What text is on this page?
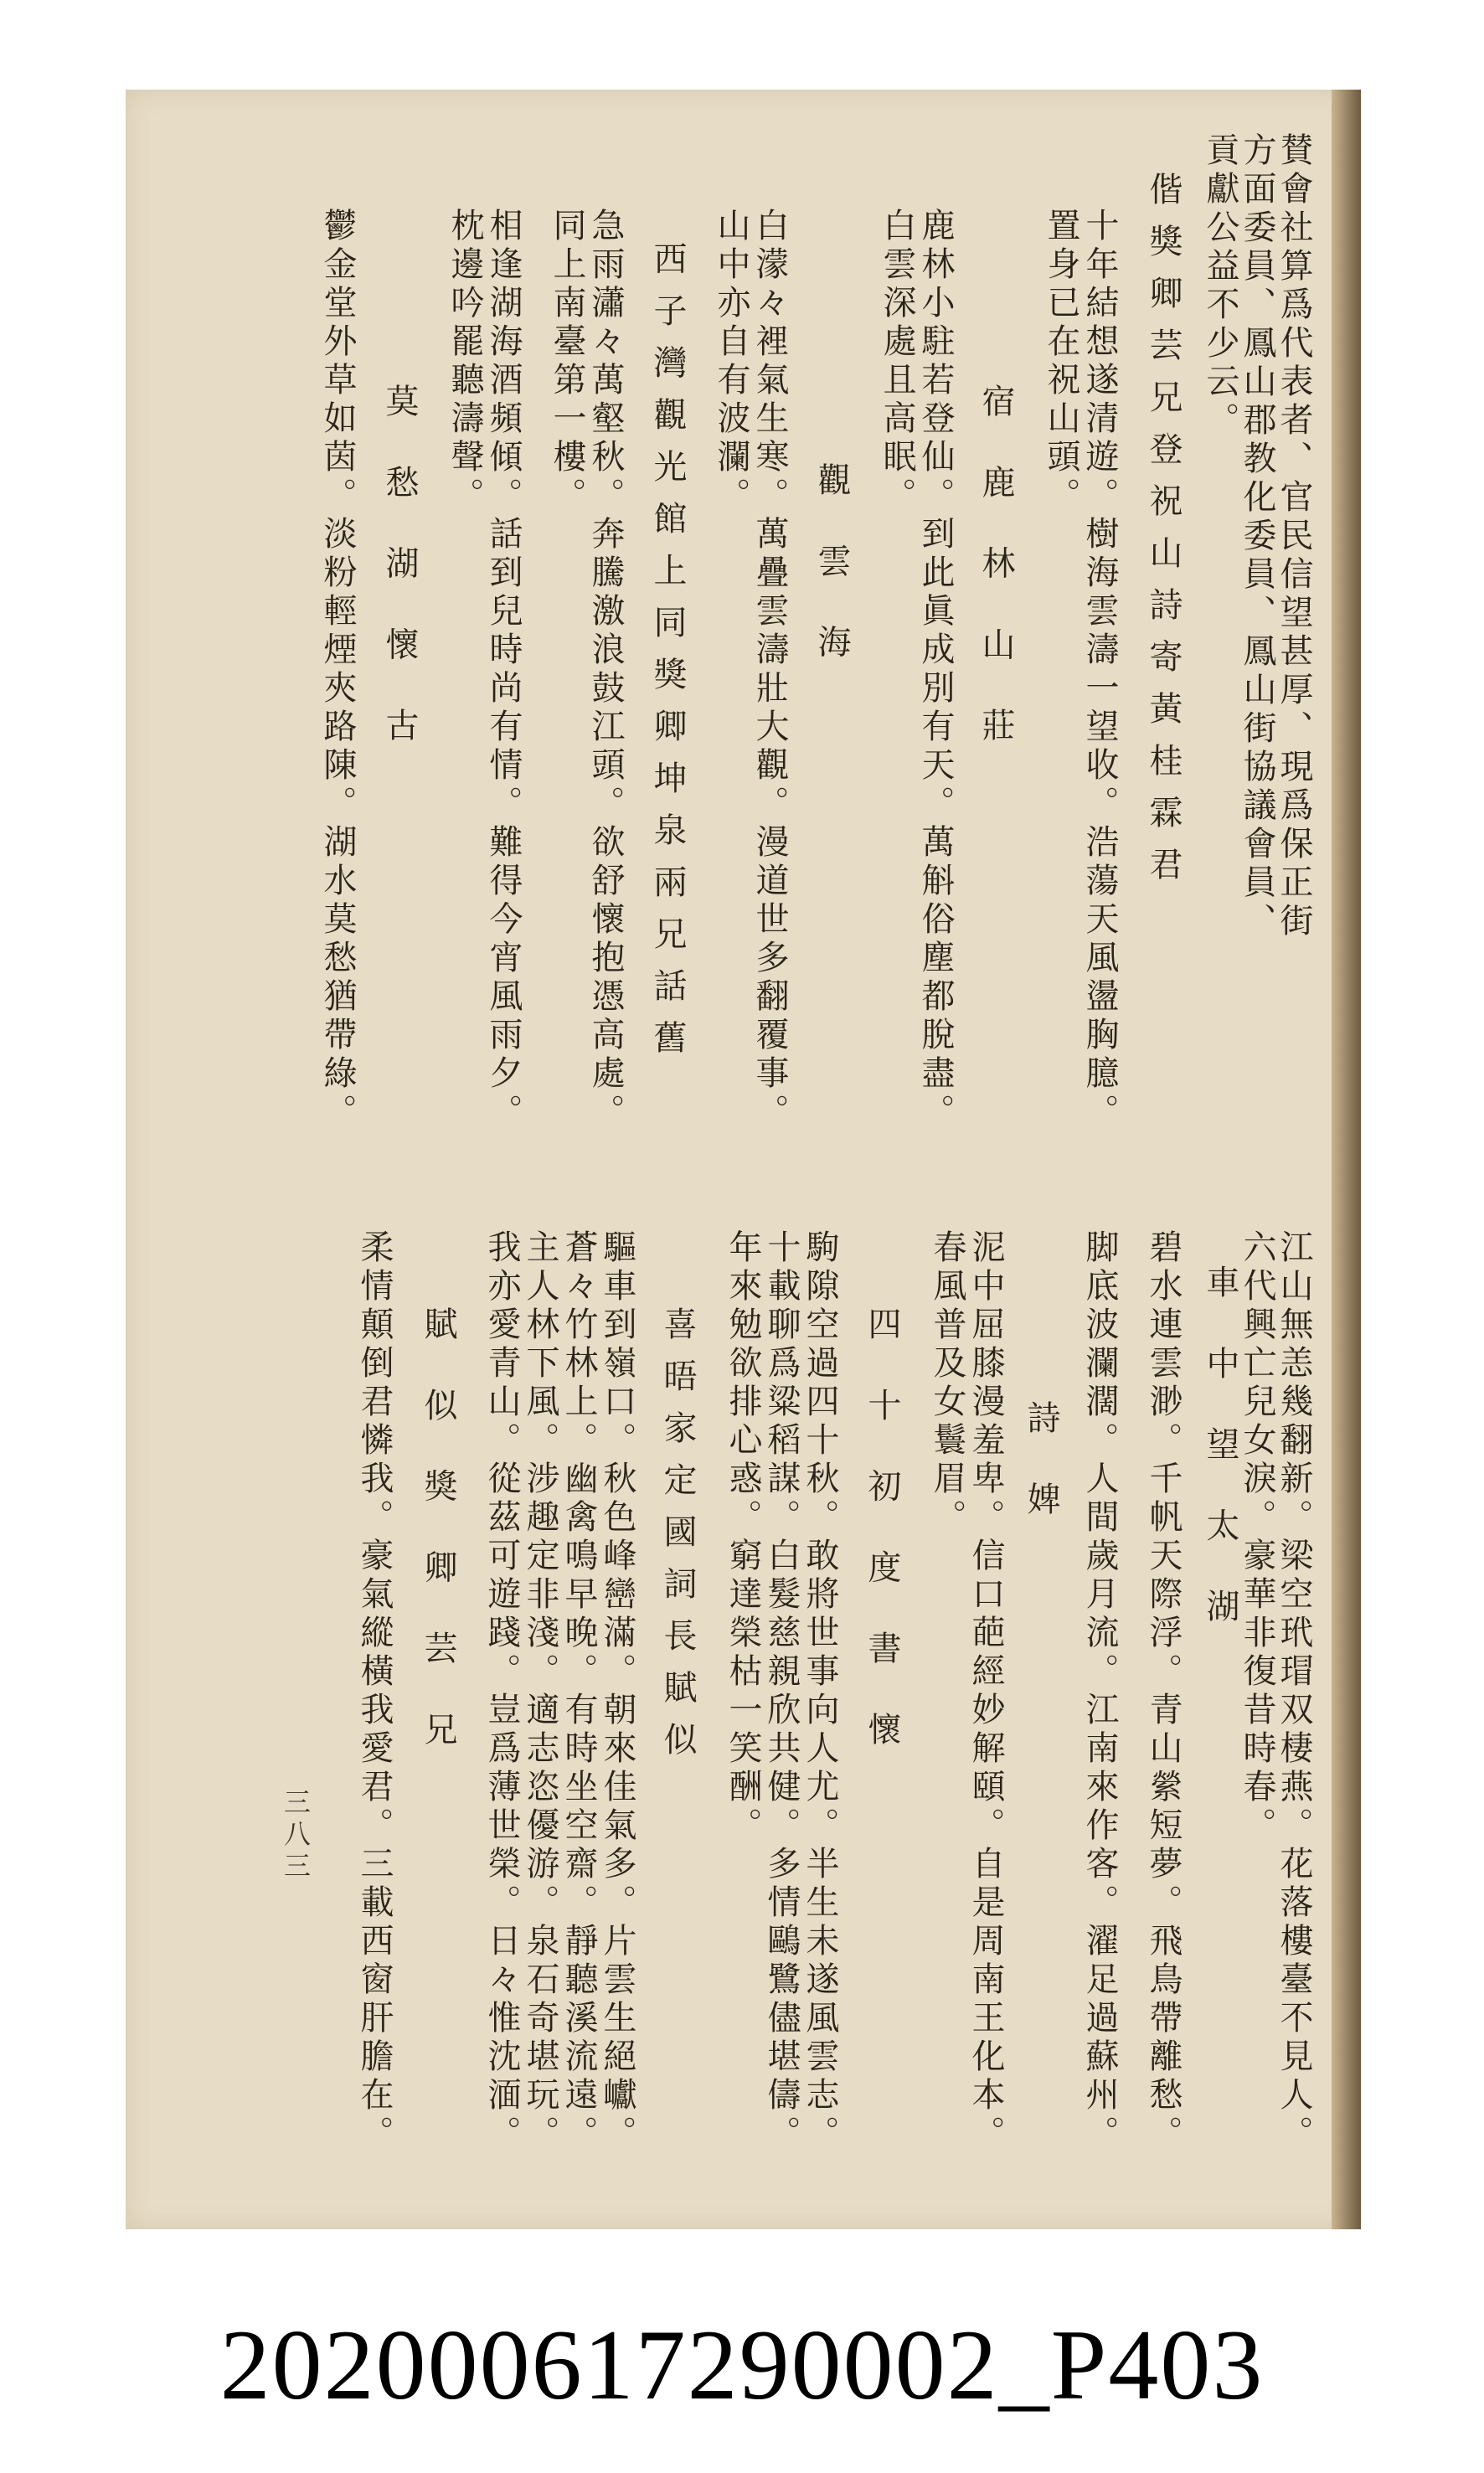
賛會社算爲代表者、官民信望甚厚、現爲保正街
方面委員、鳳山郡教化委員、鳳山街協議會員、
貢獻公益不少云。
偕獎卿芸兄登祝山詩寄黃桂霖君
十年結想遂清遊。樹海雲濤一望收。浩蕩天風盪胸臆。
置身已在祝山頭。
宿 鹿 林 山 莊
鹿林小駐若登仙。到此眞成別有天。萬斛俗塵都脫盡。
白雲深處且高眠。
觀 雲 海
白濛々裡氣生寒。萬疊雲濤壯大觀。漫道世多翻覆事。
山中亦自有波瀾。
西子灣觀光館上同獎卿坤泉兩兄話舊
急雨瀟々萬壑秋。奔騰激浪鼓江頭。欲舒懷抱憑高處。
同上南臺第一樓。
相逢湖海酒頻傾。話到兒時尚有情。難得今宵風雨夕。
枕邊吟罷聽濤聲。
莫 愁 湖 懷 古
鬱金堂外草如茵。淡粉輕煙夾路陳。湖水莫愁猶帶綠。
江山無恙幾翻新。梁空玳瑁双棲燕。花落樓臺不見人。
六代興亡兒女淚。豪華非復昔時春。
車 中 望 太 湖
碧水連雲渺。千帆天際浮。青山縈短夢。飛鳥帶離愁。
脚底波瀾濶。人間歲月流。江南來作客。濯足過蘇州。
詩 婢
泥中屈膝漫羞卑。信口葩經妙解頤。自是周南王化本。
春風普及女鬟眉。
四 十 初 度 書 懷
駒隙空過四十秋。敢將世事向人尤。半生未遂風雲志。
十載聊爲粱稻謀。白髮慈親欣共健。多情鷗鷺儘堪儔。
年來勉欲排心惑。窮達榮枯一笑酬。
喜晤家定國詞長賦似
驅車到嶺口。秋色峰巒滿。朝來佳氣多。片雲生絕巘。
蒼々竹林上。幽禽鳴早晚。有時坐空齋。靜聽溪流遠。
主人林下風。涉趣定非淺。適志恣優游。泉石奇堪玩。
我亦愛青山。從茲可遊踐。豈爲薄世榮。日々惟沈湎。
賦 似 獎 卿 芸 兄
柔情顛倒君憐我。豪氣縱橫我愛君。三載西窗肝膽在。
三八三
202000617290002_P403
